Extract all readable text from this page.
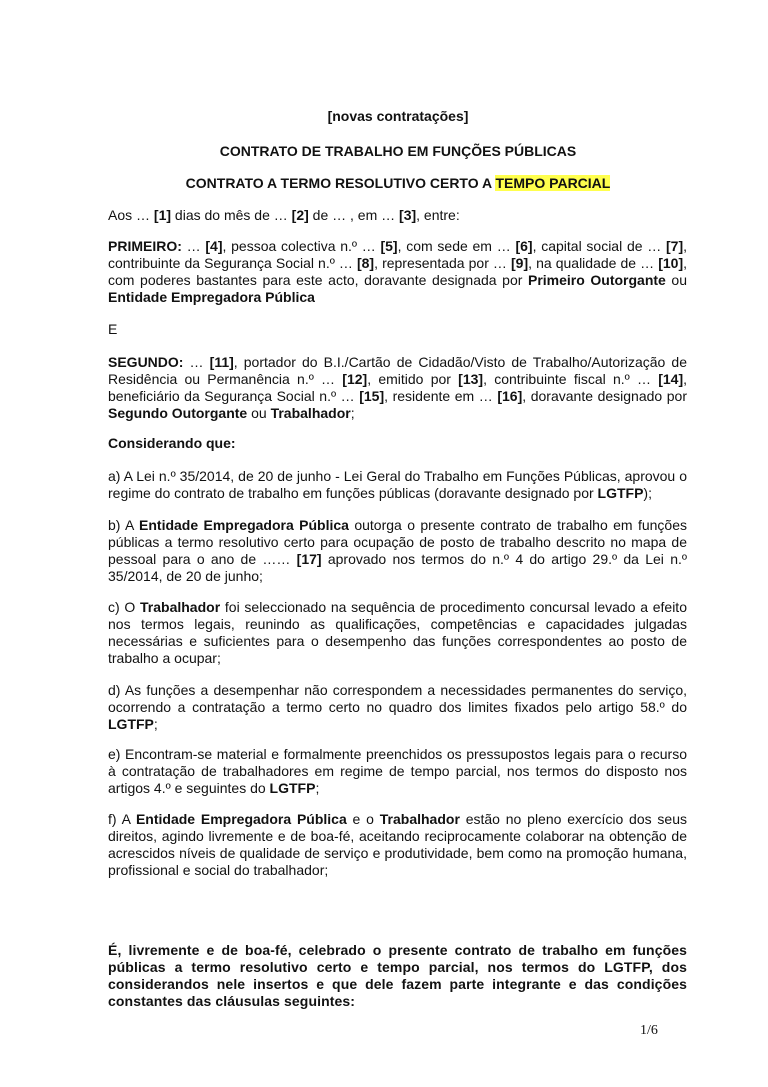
[novas contratações]
CONTRATO DE TRABALHO EM FUNÇÕES PÚBLICAS
CONTRATO A TERMO RESOLUTIVO CERTO A TEMPO PARCIAL

Aos … [1] dias do mês de … [2] de … , em … [3], entre:

PRIMEIRO: … [4], pessoa colectiva n.º … [5], com sede em … [6], capital social de … [7], contribuinte da Segurança Social n.º … [8], representada por … [9], na qualidade de … [10], com poderes bastantes para este acto, doravante designada por Primeiro Outorgante ou Entidade Empregadora Pública

E

SEGUNDO: … [11], portador do B.I./Cartão de Cidadão/Visto de Trabalho/Autorização de Residência ou Permanência n.º … [12], emitido por [13], contribuinte fiscal n.º … [14], beneficiário da Segurança Social n.º … [15], residente em … [16], doravante designado por Segundo Outorgante ou Trabalhador;

Considerando que:

a) A Lei n.º 35/2014, de 20 de junho - Lei Geral do Trabalho em Funções Públicas, aprovou o regime do contrato de trabalho em funções públicas (doravante designado por LGTFP);

b) A Entidade Empregadora Pública outorga o presente contrato de trabalho em funções públicas a termo resolutivo certo para ocupação de posto de trabalho descrito no mapa de pessoal para o ano de …… [17] aprovado nos termos do n.º 4 do artigo 29.º da Lei n.º 35/2014, de 20 de junho;

c) O Trabalhador foi seleccionado na sequência de procedimento concursal levado a efeito nos termos legais, reunindo as qualificações, competências e capacidades julgadas necessárias e suficientes para o desempenho das funções correspondentes ao posto de trabalho a ocupar;

d) As funções a desempenhar não correspondem a necessidades permanentes do serviço, ocorrendo a contratação a termo certo no quadro dos limites fixados pelo artigo 58.º do LGTFP;

e) Encontram-se material e formalmente preenchidos os pressupostos legais para o recurso à contratação de trabalhadores em regime de tempo parcial, nos termos do disposto nos artigos 4.º e seguintes do LGTFP;

f) A Entidade Empregadora Pública e o Trabalhador estão no pleno exercício dos seus direitos, agindo livremente e de boa-fé, aceitando reciprocamente colaborar na obtenção de acrescidos níveis de qualidade de serviço e produtividade, bem como na promoção humana, profissional e social do trabalhador;

É, livremente e de boa-fé, celebrado o presente contrato de trabalho em funções públicas a termo resolutivo certo e tempo parcial, nos termos do LGTFP, dos considerandos nele insertos e que dele fazem parte integrante e das condições constantes das cláusulas seguintes:

1/6
